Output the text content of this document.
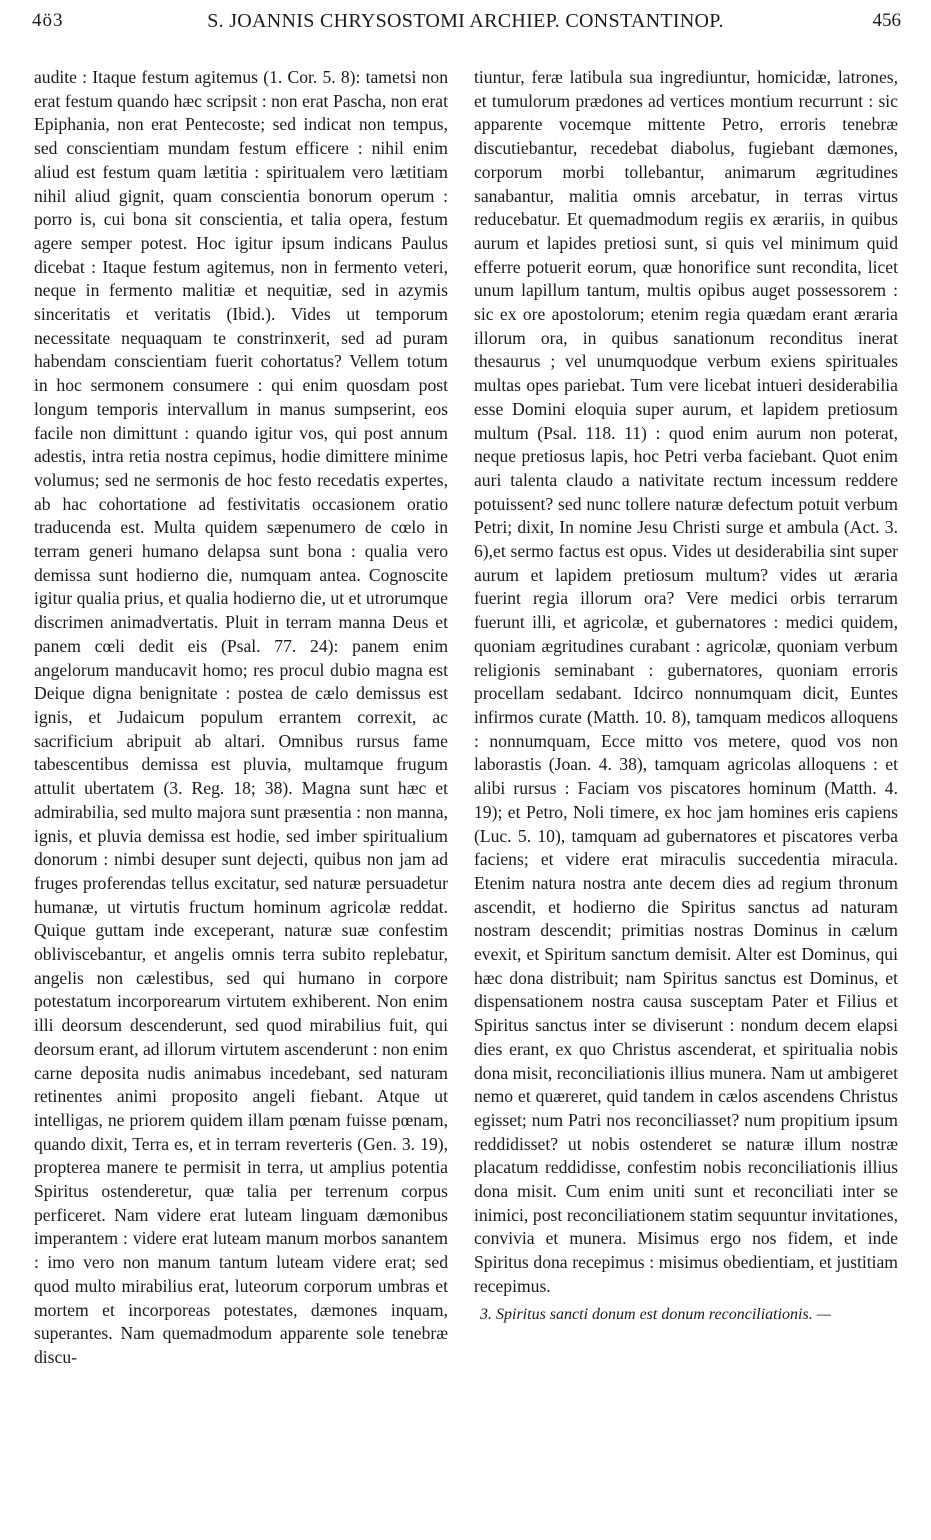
4ö3	S. JOANNIS CHRYSOSTOMI ARCHIEP. CONSTANTINOP.	456

audite : Itaque festum agitemus (1. Cor. 5. 8): tametsi non erat festum quando hæc scripsit : non erat Pascha, non erat Epiphania, non erat Pentecoste; sed indicat non tempus, sed conscientiam mundam festum efficere : nihil enim aliud est festum quam lætitia : spiritualem vero lætitiam nihil aliud gignit, quam conscientia bonorum operum : porro is, cui bona sit conscientia, et talia opera, festum agere semper potest. Hoc igitur ipsum indicans Paulus dicebat : Itaque festum agitemus, non in fermento veteri, neque in fermento malitiæ et nequitiæ, sed in azymis sinceritatis et veritatis (Ibid.). Vides ut temporum necessitate nequaquam te constrinxerit, sed ad puram habendam conscientiam fuerit cohortatus? Vellem totum in hoc sermonem consumere : qui enim quosdam post longum temporis intervallum in manus sumpserint, eos facile non dimittunt : quando igitur vos, qui post annum adestis, intra retia nostra cepimus, hodie dimittere minime volumus; sed ne sermonis de hoc festo recedatis expertes, ab hac cohortatione ad festivitatis occasionem oratio traducenda est. Multa quidem sæpenumero de cœlo in terram generi humano delapsa sunt bona : qualia vero demissa sunt hodierno die, numquam antea. Cognoscite igitur qualia prius, et qualia hodierno die, ut et utrorumque discrimen animadvertatis. Pluit in terram manna Deus et panem cœli dedit eis (Psal. 77. 24): panem enim angelorum manducavit homo; res procul dubio magna est Deique digna benignitate : postea de cælo demissus est ignis, et Judaicum populum errantem correxit, ac sacrificium abripuit ab altari. Omnibus rursus fame tabescentibus demissa est pluvia, multamque frugum attulit ubertatem (3. Reg. 18; 38). Magna sunt hæc et admirabilia, sed multo majora sunt præsentia : non manna, ignis, et pluvia demissa est hodie, sed imber spiritualium donorum : nimbi desuper sunt dejecti, quibus non jam ad fruges proferendas tellus excitatur, sed naturæ persuadetur humanæ, ut virtutis fructum hominum agricolæ reddat. Quique guttam inde exceperant, naturæ suæ confestim obliviscebantur, et angelis omnis terra subito replebatur, angelis non cælestibus, sed qui humano in corpore potestatum incorporearum virtutem exhiberent. Non enim illi deorsum descenderunt, sed quod mirabilius fuit, qui deorsum erant, ad illorum virtutem ascenderunt : non enim carne deposita nudis animabus incedebant, sed naturam retinentes animi proposito angeli fiebant. Atque ut intelligas, ne priorem quidem illam pœnam fuisse pœnam, quando dixit, Terra es, et in terram reverteris (Gen. 3. 19), propterea manere te permisit in terra, ut amplius potentia Spiritus ostenderetur, quæ talia per terrenum corpus perficeret. Nam videre erat luteam linguam dæmonibus imperantem : videre erat luteam manum morbos sanantem : imo vero non manum tantum luteam videre erat; sed quod multo mirabilius erat, luteorum corporum umbras et mortem et incorporeas potestates, dæmones inquam, superantes. Nam quemadmodum apparente sole tenebræ discu-

tiuntur, feræ latibula sua ingrediuntur, homicidæ, latrones, et tumulorum prædones ad vertices montium recurrunt : sic apparente vocemque mittente Petro, erroris tenebræ discutiebantur, recedebat diabolus, fugiebant dæmones, corporum morbi tollebantur, animarum ægritudines sanabantur, malitia omnis arcebatur, in terras virtus reducebatur. Et quemadmodum regiis ex ærariis, in quibus aurum et lapides pretiosi sunt, si quis vel minimum quid efferre potuerit eorum, quæ honorifice sunt recondita, licet unum lapillum tantum, multis opibus auget possessorem : sic ex ore apostolorum; etenim regia quædam erant æraria illorum ora, in quibus sanationum reconditus inerat thesaurus ; vel unumquodque verbum exiens spirituales multas opes pariebat. Tum vere licebat intueri desiderabilia esse Domini eloquia super aurum, et lapidem pretiosum multum (Psal. 118. 11) : quod enim aurum non poterat, neque pretiosus lapis, hoc Petri verba faciebant. Quot enim auri talenta claudo a nativitate rectum incessum reddere potuissent? sed nunc tollere naturæ defectum potuit verbum Petri; dixit, In nomine Jesu Christi surge et ambula (Act. 3. 6),et sermo factus est opus. Vides ut desiderabilia sint super aurum et lapidem pretiosum multum? vides ut æraria fuerint regia illorum ora? Vere medici orbis terrarum fuerunt illi, et agricolæ, et gubernatores : medici quidem, quoniam ægritudines curabant : agricolæ, quoniam verbum religionis seminabant : gubernatores, quoniam erroris procellam sedabant. Idcirco nonnumquam dicit, Euntes infirmos curate (Matth. 10. 8), tamquam medicos alloquens : nonnumquam, Ecce mitto vos metere, quod vos non laborastis (Joan. 4. 38), tamquam agricolas alloquens : et alibi rursus : Faciam vos piscatores hominum (Matth. 4. 19); et Petro, Noli timere, ex hoc jam homines eris capiens (Luc. 5. 10), tamquam ad gubernatores et piscatores verba faciens; et videre erat miraculis succedentia miracula. Etenim natura nostra ante decem dies ad regium thronum ascendit, et hodierno die Spiritus sanctus ad naturam nostram descendit; primitias nostras Dominus in cælum evexit, et Spiritum sanctum demisit. Alter est Dominus, qui hæc dona distribuit; nam Spiritus sanctus est Dominus, et dispensationem nostra causa susceptam Pater et Filius et Spiritus sanctus inter se diviserunt : nondum decem elapsi dies erant, ex quo Christus ascenderat, et spiritualia nobis dona misit, reconciliationis illius munera. Nam ut ambigeret nemo et quæreret, quid tandem in cælos ascendens Christus egisset; num Patri nos reconciliasset? num propitium ipsum reddidisset? ut nobis ostenderet se naturæ illum nostræ placatum reddidisse, confestim nobis reconciliationis illius dona misit. Cum enim uniti sunt et reconciliati inter se inimici, post reconciliationem statim sequuntur invitationes, convivia et munera. Misimus ergo nos fidem, et inde Spiritus dona recepimus : misimus obedientiam, et justitiam recepimus.

3. Spiritus sancti donum est donum reconciliationis. —
